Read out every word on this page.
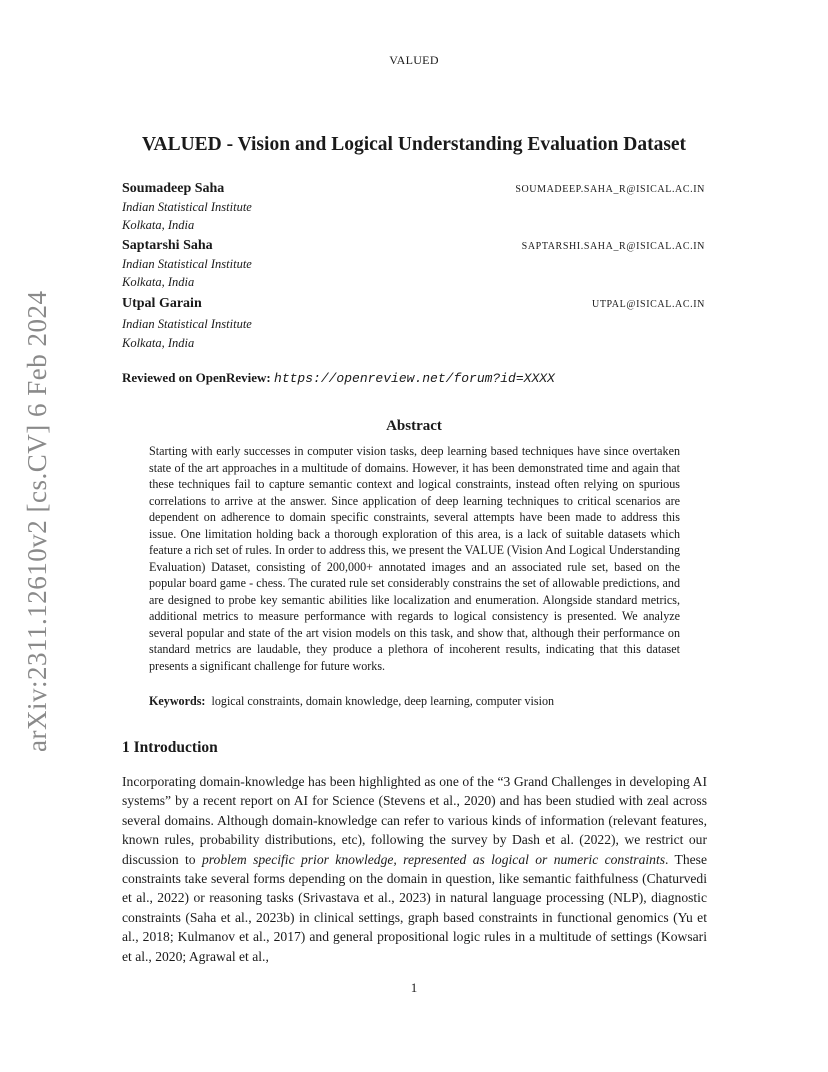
VALUED
arXiv:2311.12610v2 [cs.CV] 6 Feb 2024
VALUED - Vision and Logical Understanding Evaluation Dataset
Soumadeep Saha	SOUMADEEP.SAHA_R@ISICAL.AC.IN
Indian Statistical Institute
Kolkata, India
Saptarshi Saha	SAPTARSHI.SAHA_R@ISICAL.AC.IN
Indian Statistical Institute
Kolkata, India
Utpal Garain	UTPAL@ISICAL.AC.IN
Indian Statistical Institute
Kolkata, India
Reviewed on OpenReview: https://openreview.net/forum?id=XXXX
Abstract

Starting with early successes in computer vision tasks, deep learning based techniques have since overtaken state of the art approaches in a multitude of domains. However, it has been demonstrated time and again that these techniques fail to capture semantic context and logical constraints, instead often relying on spurious correlations to arrive at the answer. Since application of deep learning techniques to critical scenarios are dependent on adherence to domain specific constraints, several attempts have been made to address this issue. One limitation holding back a thorough exploration of this area, is a lack of suitable datasets which feature a rich set of rules. In order to address this, we present the VALUE (Vision And Logical Understanding Evaluation) Dataset, consisting of 200,000+ annotated images and an associated rule set, based on the popular board game - chess. The curated rule set considerably constrains the set of allowable predictions, and are designed to probe key semantic abilities like localization and enumeration. Alongside standard metrics, additional metrics to measure performance with regards to logical consistency is presented. We analyze several popular and state of the art vision models on this task, and show that, although their performance on standard metrics are laudable, they produce a plethora of incoherent results, indicating that this dataset presents a significant challenge for future works.

Keywords: logical constraints, domain knowledge, deep learning, computer vision
1 Introduction

Incorporating domain-knowledge has been highlighted as one of the “3 Grand Challenges in developing AI systems” by a recent report on AI for Science (Stevens et al., 2020) and has been studied with zeal across several domains. Although domain-knowledge can refer to various kinds of information (relevant features, known rules, probability distributions, etc), following the survey by Dash et al. (2022), we restrict our discussion to problem specific prior knowledge, represented as logical or numeric constraints. These constraints take several forms depending on the domain in question, like semantic faithfulness (Chaturvedi et al., 2022) or reasoning tasks (Srivastava et al., 2023) in natural language processing (NLP), diagnostic constraints (Saha et al., 2023b) in clinical settings, graph based constraints in functional genomics (Yu et al., 2018; Kulmanov et al., 2017) and general propositional logic rules in a multitude of settings (Kowsari et al., 2020; Agrawal et al.,

1
